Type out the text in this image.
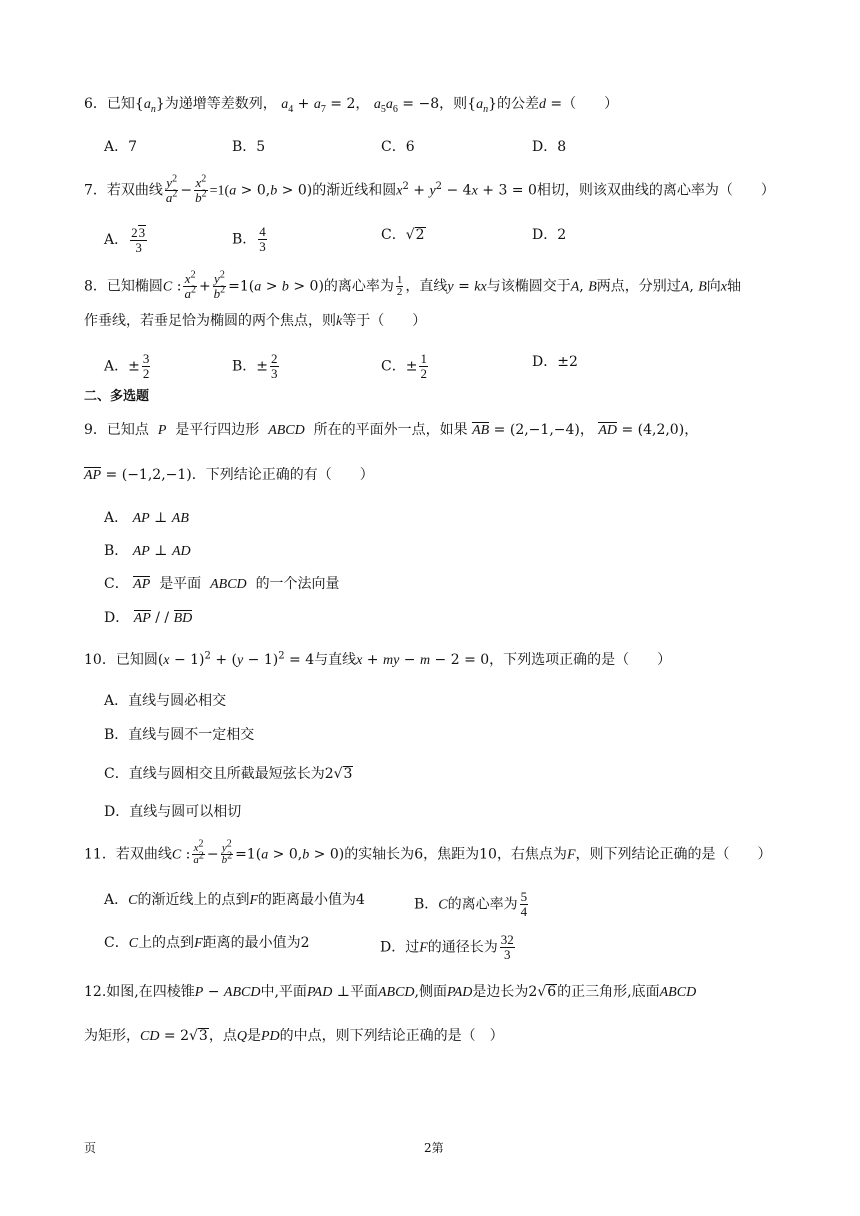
6．已知$\{a_n\}$为递增等差数列， $a_4 + a_7 = 2$， $a_5a_6 = -8$，则$\{a_n\}$的公差d =（　　）
A．7	B．5	C．6	D．8
7．若双曲线 $\frac{y^2}{a^2} - \frac{x^2}{b^2} =1(a > 0,b > 0)$的渐近线和圆$x^2 + y^2 - 4x + 3 = 0$相切，则该双曲线的离心率为（　　）
A． $\frac{23}{3}$	B． $\frac{4}{3}$	C．√2	D．2
8．已知椭圆C : $\frac{x^2}{a^2} + \frac{y^2}{b^2} =1(a > b > 0)$的离心率为 $\frac{1}{2}$ ，直线y = kx与该椭圆交于A, B两点，分别过A, B向x轴
作垂线，若垂足恰为椭圆的两个焦点，则k等于（　　）
A．± $\frac{3}{2}$	B．± $\frac{2}{3}$	C．± $\frac{1}{2}$	D．±2
二、多选题
9．已知点 P 是平行四边形 ABCD 所在的平面外一点，如果 AB = (2,−1,−4)， AD = (4,2,0)，
AP = (−1,2,−1)．下列结论正确的有（　　）
A． AP ⊥ AB
B． AP ⊥ AD
C． AP 是平面 ABCD 的一个法向量
D． AP / / BD
10．已知圆$(x - 1)^2 + (y - 1)^2 = 4$与直线x + my − m − 2 = 0，下列选项正确的是（　　）
A．直线与圆必相交
B．直线与圆不一定相交
C．直线与圆相交且所截最短弦长为2√3
D．直线与圆可以相切
11．若双曲线C : $\frac{x^2}{a^2} - \frac{y^2}{b^2} =1(a > 0,b > 0)$的实轴长为6，焦距为10，右焦点为F，则下列结论正确的是（　　）
A．C的渐近线上的点到F的距离最小值为4	B．C的离心率为 $\frac{5}{4}$
C．C上的点到F距离的最小值为2	D．过F的通径长为 $\frac{32}{3}$
12.如图,在四棱锥P − ABCD中,平面PAD ⊥平面ABCD,侧面PAD是边长为2√6的正三角形,底面ABCD
为矩形，CD = 2√3，点Q是PD的中点，则下列结论正确的是（　）
页	2第
